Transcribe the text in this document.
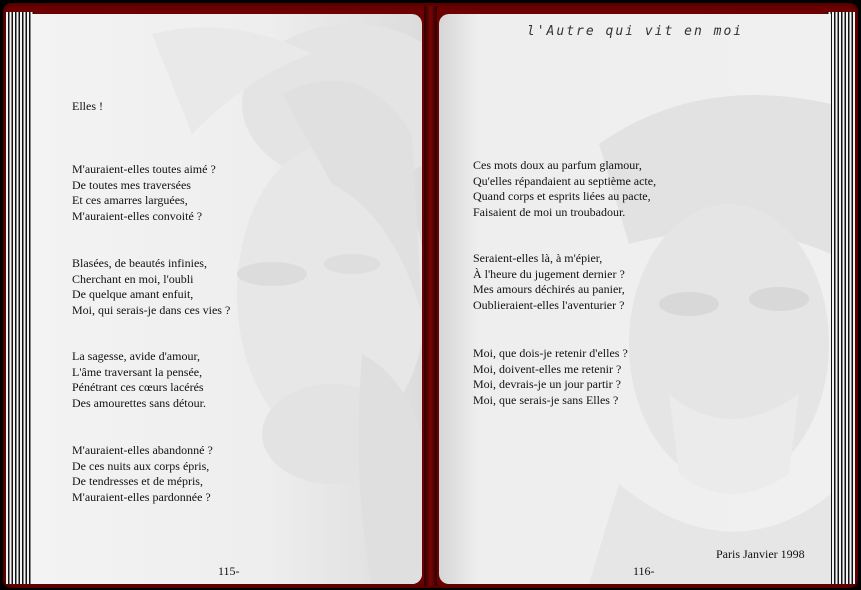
Elles !
115-
M'auraient-elles toutes aimé ?
De toutes mes traversées
Et ces amarres larguées,
M'auraient-elles convoité ?
Blasées, de beautés infinies,
Cherchant en moi, l'oubli
De quelque amant enfuit,
Moi, qui serais-je dans ces vies ?
La sagesse, avide d'amour,
L'âme traversant la pensée,
Pénétrant ces cœurs lacérés
Des amourettes sans détour.
M'auraient-elles abandonné ?
De ces nuits aux corps épris,
De tendresses et de mépris,
M'auraient-elles pardonnée ?
l'Autre qui vit en moi
Paris Janvier 1998
116-
Ces mots doux au parfum glamour,
Qu'elles répandaient au septième acte,
Quand corps et esprits liées au pacte,
Faisaient de moi un troubadour.
Seraient-elles là, à m'épier,
À l'heure du jugement dernier ?
Mes amours déchirés au panier,
Oublieraient-elles l'aventurier ?
Moi, que dois-je retenir d'elles ?
Moi, doivent-elles me retenir ?
Moi, devrais-je un jour partir ?
Moi, que serais-je sans Elles ?
